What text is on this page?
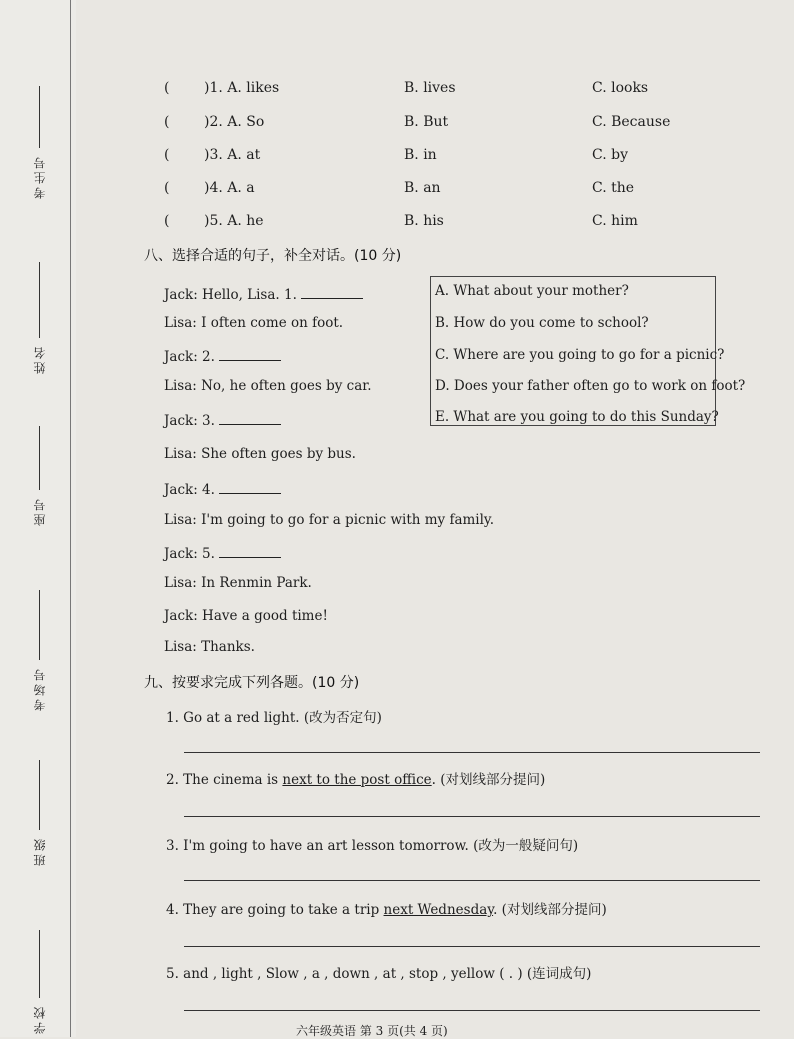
考生号
姓名
座号
考场号
班级
学校
( )1. A. likes	B. lives	C. looks
( )2. A. So	B. But	C. Because
( )3. A. at	B. in	C. by
( )4. A. a	B. an	C. the
( )5. A. he	B. his	C. him
八、选择合适的句子，补全对话。(10 分)
Jack: Hello, Lisa. 1.
Lisa: I often come on foot.
Jack: 2.
Lisa: No, he often goes by car.
Jack: 3.
Lisa: She often goes by bus.
Jack: 4.
Lisa: I'm going to go for a picnic with my family.
Jack: 5.
Lisa: In Renmin Park.
Jack: Have a good time!
Lisa: Thanks.
A. What about your mother?
B. How do you come to school?
C. Where are you going to go for a picnic?
D. Does your father often go to work on foot?
E. What are you going to do this Sunday?
九、按要求完成下列各题。(10 分)
1. Go at a red light. (改为否定句)
2. The cinema is next to the post office. (对划线部分提问)
3. I'm going to have an art lesson tomorrow. (改为一般疑问句)
4. They are going to take a trip next Wednesday. (对划线部分提问)
5. and , light , Slow , a , down , at , stop , yellow ( . ) (连词成句)
六年级英语 第 3 页(共 4 页)
